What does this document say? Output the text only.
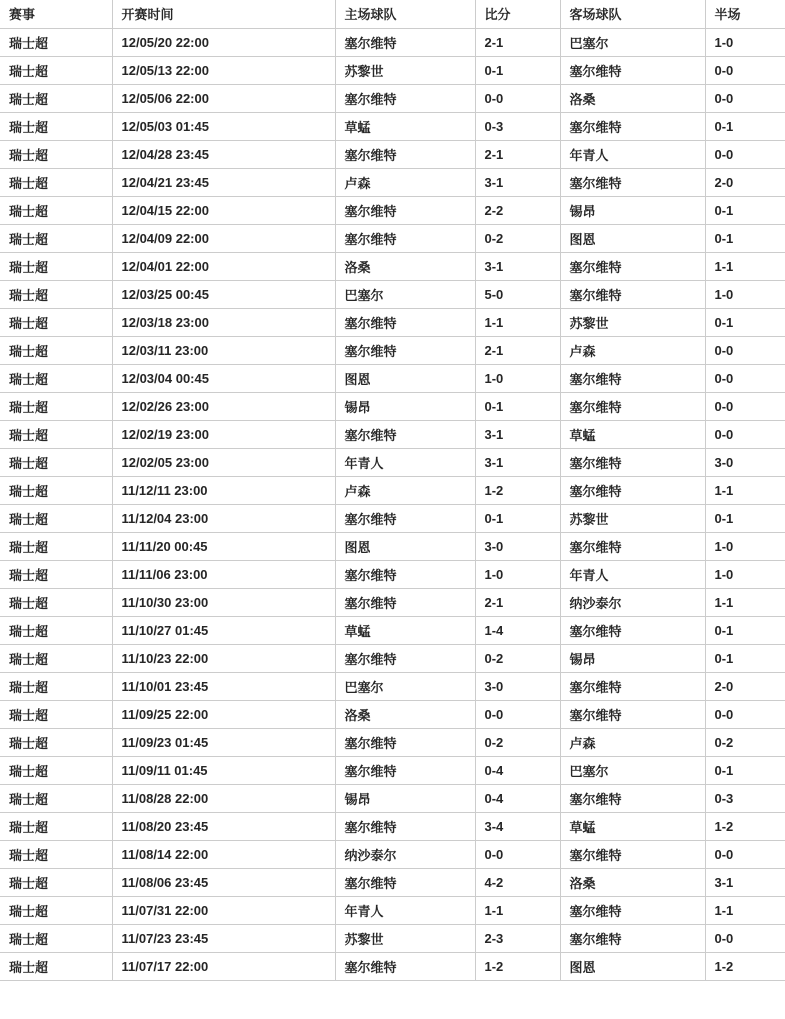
赛事	开赛时间	主场球队	比分	客场球队	半场
瑞士超	12/05/20 22:00	塞尔维特	2-1	巴塞尔	1-0
瑞士超	12/05/13 22:00	苏黎世	0-1	塞尔维特	0-0
瑞士超	12/05/06 22:00	塞尔维特	0-0	洛桑	0-0
瑞士超	12/05/03 01:45	草蜢	0-3	塞尔维特	0-1
瑞士超	12/04/28 23:45	塞尔维特	2-1	年青人	0-0
瑞士超	12/04/21 23:45	卢森	3-1	塞尔维特	2-0
瑞士超	12/04/15 22:00	塞尔维特	2-2	锡昂	0-1
瑞士超	12/04/09 22:00	塞尔维特	0-2	图恩	0-1
瑞士超	12/04/01 22:00	洛桑	3-1	塞尔维特	1-1
瑞士超	12/03/25 00:45	巴塞尔	5-0	塞尔维特	1-0
瑞士超	12/03/18 23:00	塞尔维特	1-1	苏黎世	0-1
瑞士超	12/03/11 23:00	塞尔维特	2-1	卢森	0-0
瑞士超	12/03/04 00:45	图恩	1-0	塞尔维特	0-0
瑞士超	12/02/26 23:00	锡昂	0-1	塞尔维特	0-0
瑞士超	12/02/19 23:00	塞尔维特	3-1	草蜢	0-0
瑞士超	12/02/05 23:00	年青人	3-1	塞尔维特	3-0
瑞士超	11/12/11 23:00	卢森	1-2	塞尔维特	1-1
瑞士超	11/12/04 23:00	塞尔维特	0-1	苏黎世	0-1
瑞士超	11/11/20 00:45	图恩	3-0	塞尔维特	1-0
瑞士超	11/11/06 23:00	塞尔维特	1-0	年青人	1-0
瑞士超	11/10/30 23:00	塞尔维特	2-1	纳沙泰尔	1-1
瑞士超	11/10/27 01:45	草蜢	1-4	塞尔维特	0-1
瑞士超	11/10/23 22:00	塞尔维特	0-2	锡昂	0-1
瑞士超	11/10/01 23:45	巴塞尔	3-0	塞尔维特	2-0
瑞士超	11/09/25 22:00	洛桑	0-0	塞尔维特	0-0
瑞士超	11/09/23 01:45	塞尔维特	0-2	卢森	0-2
瑞士超	11/09/11 01:45	塞尔维特	0-4	巴塞尔	0-1
瑞士超	11/08/28 22:00	锡昂	0-4	塞尔维特	0-3
瑞士超	11/08/20 23:45	塞尔维特	3-4	草蜢	1-2
瑞士超	11/08/14 22:00	纳沙泰尔	0-0	塞尔维特	0-0
瑞士超	11/08/06 23:45	塞尔维特	4-2	洛桑	3-1
瑞士超	11/07/31 22:00	年青人	1-1	塞尔维特	1-1
瑞士超	11/07/23 23:45	苏黎世	2-3	塞尔维特	0-0
瑞士超	11/07/17 22:00	塞尔维特	1-2	图恩	1-2
